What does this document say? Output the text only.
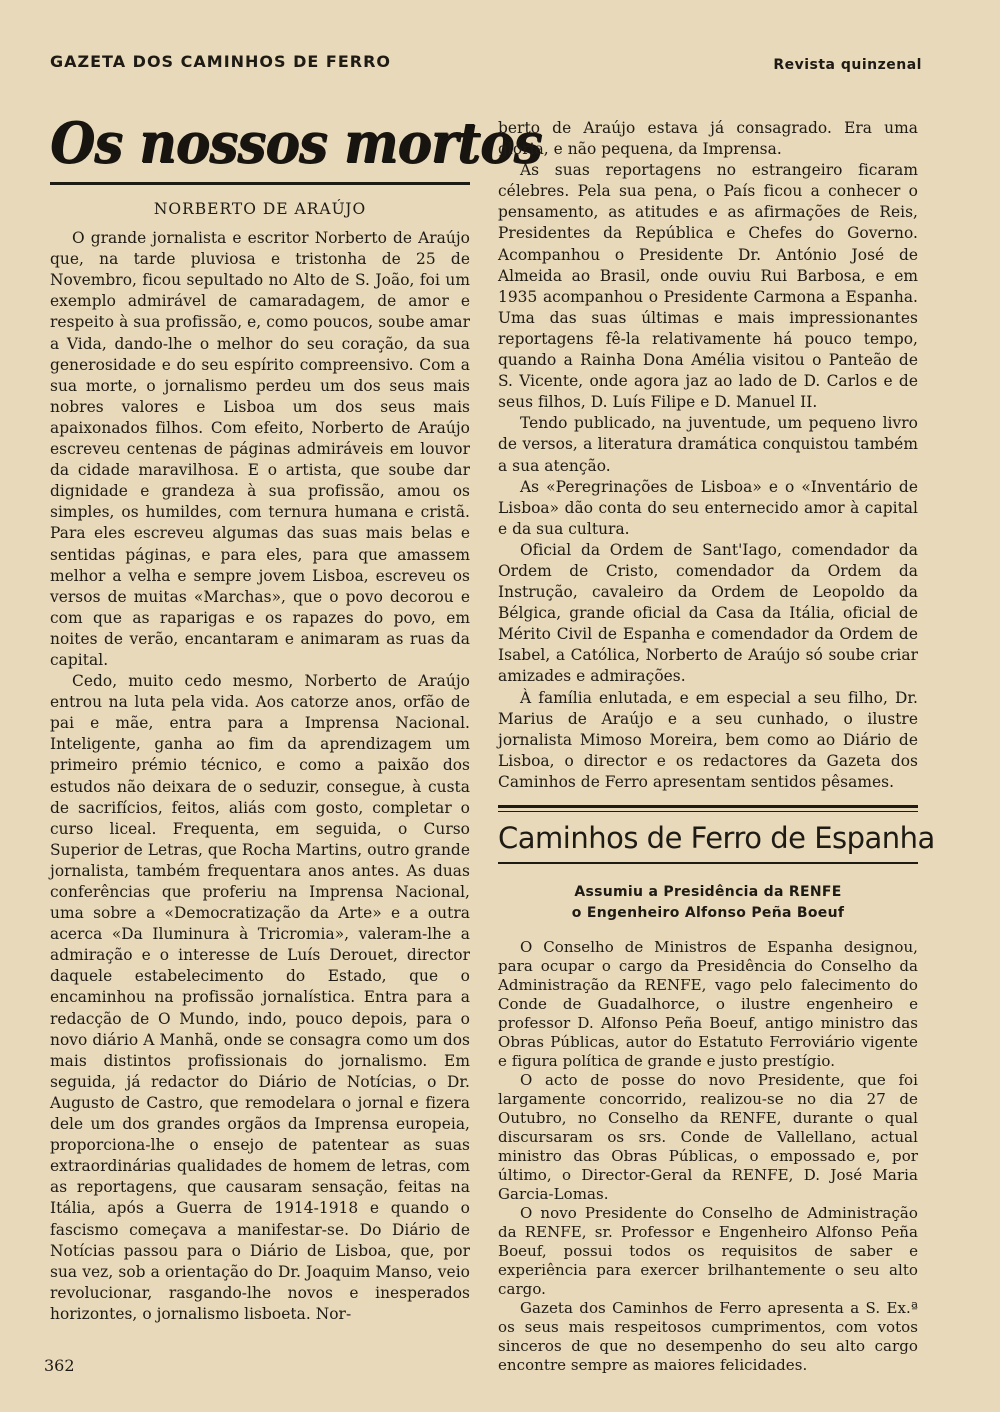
GAZETA DOS CAMINHOS DE FERRO	Revista quinzenal
Os nossos mortos
NORBERTO DE ARAÚJO

O grande jornalista e escritor Norberto de Araújo que, na tarde pluviosa e tristonha de 25 de Novembro, ficou sepultado no Alto de S. João, foi um exemplo admirável de camaradagem, de amor e respeito à sua profissão, e, como poucos, soube amar a Vida, dando-lhe o melhor do seu coração, da sua generosidade e do seu espírito compreensivo. Com a sua morte, o jornalismo perdeu um dos seus mais nobres valores e Lisboa um dos seus mais apaixonados filhos. Com efeito, Norberto de Araújo escreveu centenas de páginas admiráveis em louvor da cidade maravilhosa. E o artista, que soube dar dignidade e grandeza à sua profissão, amou os simples, os humildes, com ternura humana e cristã. Para eles escreveu algumas das suas mais belas e sentidas páginas, e para eles, para que amassem melhor a velha e sempre jovem Lisboa, escreveu os versos de muitas «Marchas», que o povo decorou e com que as raparigas e os rapazes do povo, em noites de verão, encantaram e animaram as ruas da capital.

Cedo, muito cedo mesmo, Norberto de Araújo entrou na luta pela vida. Aos catorze anos, orfão de pai e mãe, entra para a Imprensa Nacional. Inteligente, ganha ao fim da aprendizagem um primeiro prémio técnico, e como a paixão dos estudos não deixara de o seduzir, consegue, à custa de sacrifícios, feitos, aliás com gosto, completar o curso liceal. Frequenta, em seguida, o Curso Superior de Letras, que Rocha Martins, outro grande jornalista, também frequentara anos antes. As duas conferências que proferiu na Imprensa Nacional, uma sobre a «Democratização da Arte» e a outra acerca «Da Iluminura à Tricromia», valeram-lhe a admiração e o interesse de Luís Derouet, director daquele estabelecimento do Estado, que o encaminhou na profissão jornalística. Entra para a redacção de O Mundo, indo, pouco depois, para o novo diário A Manhã, onde se consagra como um dos mais distintos profissionais do jornalismo. Em seguida, já redactor do Diário de Notícias, o Dr. Augusto de Castro, que remodelara o jornal e fizera dele um dos grandes orgãos da Imprensa europeia, proporciona-lhe o ensejo de patentear as suas extraordinárias qualidades de homem de letras, com as reportagens, que causaram sensação, feitas na Itália, após a Guerra de 1914-1918 e quando o fascismo começava a manifestar-se. Do Diário de Notícias passou para o Diário de Lisboa, que, por sua vez, sob a orientação do Dr. Joaquim Manso, veio revolucionar, rasgando-lhe novos e inesperados horizontes, o jornalismo lisboeta. Nor-

berto de Araújo estava já consagrado. Era uma glória, e não pequena, da Imprensa.

As suas reportagens no estrangeiro ficaram célebres. Pela sua pena, o País ficou a conhecer o pensamento, as atitudes e as afirmações de Reis, Presidentes da República e Chefes do Governo. Acompanhou o Presidente Dr. António José de Almeida ao Brasil, onde ouviu Rui Barbosa, e em 1935 acompanhou o Presidente Carmona a Espanha. Uma das suas últimas e mais impressionantes reportagens fê-la relativamente há pouco tempo, quando a Rainha Dona Amélia visitou o Panteão de S. Vicente, onde agora jaz ao lado de D. Carlos e de seus filhos, D. Luís Filipe e D. Manuel II.

Tendo publicado, na juventude, um pequeno livro de versos, a literatura dramática conquistou também a sua atenção.

As «Peregrinações de Lisboa» e o «Inventário de Lisboa» dão conta do seu enternecido amor à capital e da sua cultura.

Oficial da Ordem de Sant'Iago, comendador da Ordem de Cristo, comendador da Ordem da Instrução, cavaleiro da Ordem de Leopoldo da Bélgica, grande oficial da Casa da Itália, oficial de Mérito Civil de Espanha e comendador da Ordem de Isabel, a Católica, Norberto de Araújo só soube criar amizades e admirações.

À família enlutada, e em especial a seu filho, Dr. Marius de Araújo e a seu cunhado, o ilustre jornalista Mimoso Moreira, bem como ao Diário de Lisboa, o director e os redactores da Gazeta dos Caminhos de Ferro apresentam sentidos pêsames.

Caminhos de Ferro de Espanha
Assumiu a Presidência da RENFE
o Engenheiro Alfonso Peña Boeuf

O Conselho de Ministros de Espanha designou, para ocupar o cargo da Presidência do Conselho da Administração da RENFE, vago pelo falecimento do Conde de Guadalhorce, o ilustre engenheiro e professor D. Alfonso Peña Boeuf, antigo ministro das Obras Públicas, autor do Estatuto Ferroviário vigente e figura política de grande e justo prestígio.

O acto de posse do novo Presidente, que foi largamente concorrido, realizou-se no dia 27 de Outubro, no Conselho da RENFE, durante o qual discursaram os srs. Conde de Vallellano, actual ministro das Obras Públicas, o empossado e, por último, o Director-Geral da RENFE, D. José Maria Garcia-Lomas.

O novo Presidente do Conselho de Administração da RENFE, sr. Professor e Engenheiro Alfonso Peña Boeuf, possui todos os requisitos de saber e experiência para exercer brilhantemente o seu alto cargo.

Gazeta dos Caminhos de Ferro apresenta a S. Ex.ª os seus mais respeitosos cumprimentos, com votos sinceros de que no desempenho do seu alto cargo encontre sempre as maiores felicidades.

362
